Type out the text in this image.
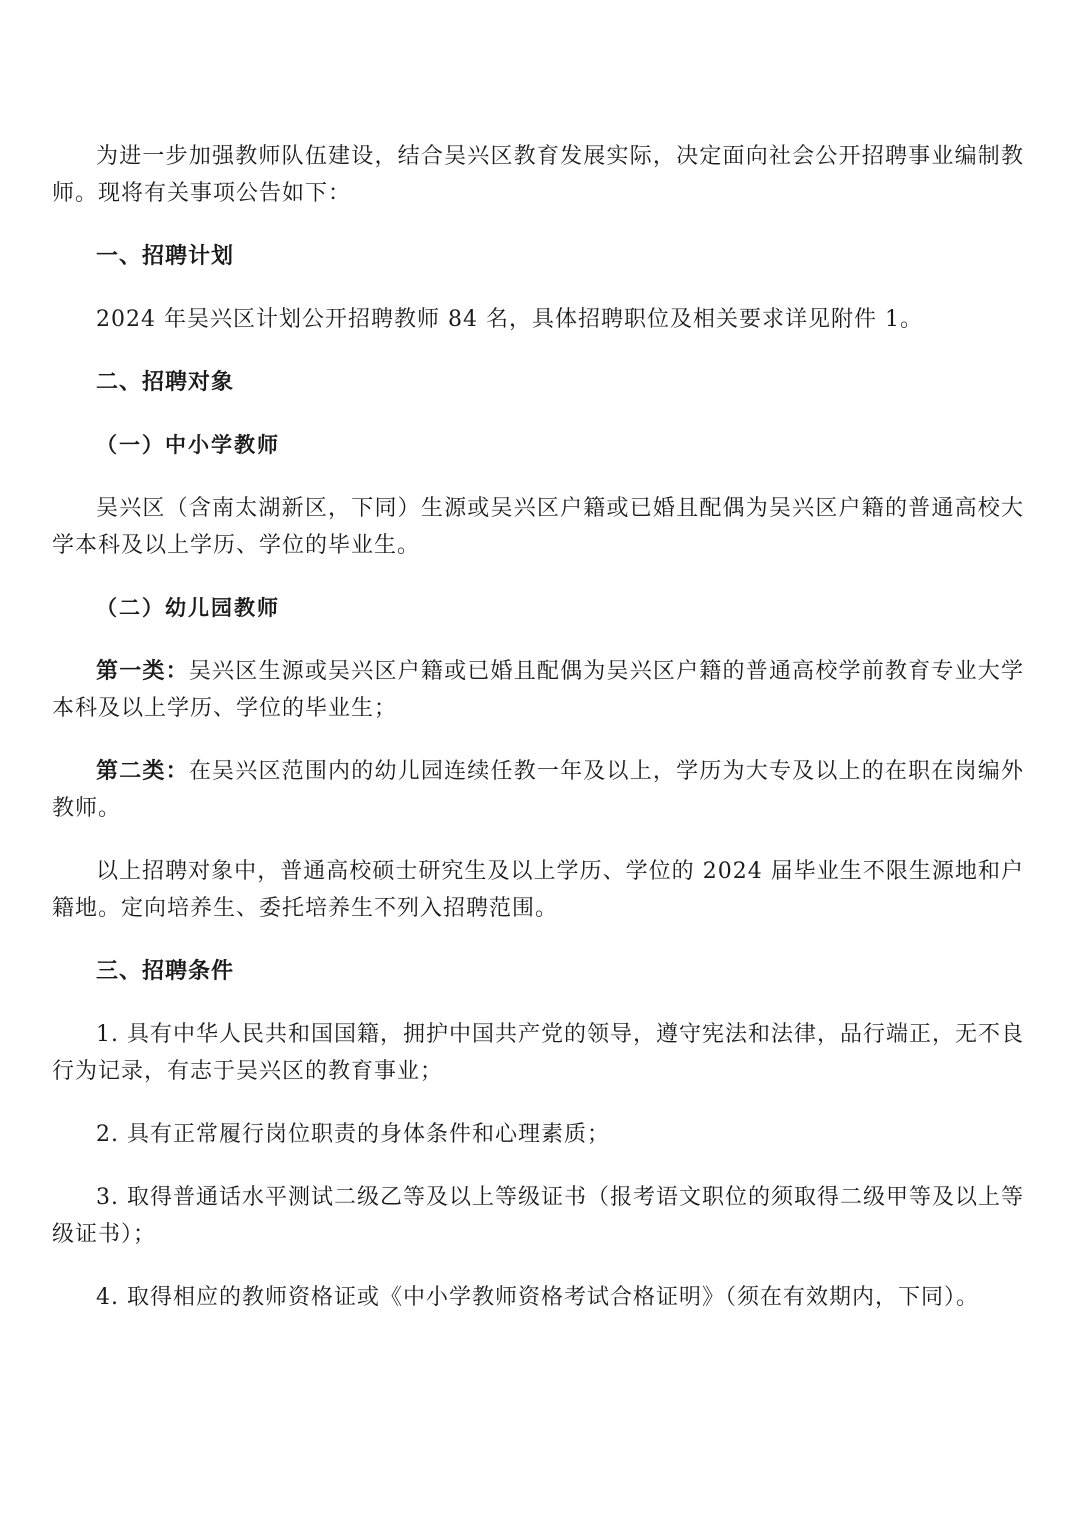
为进一步加强教师队伍建设，结合吴兴区教育发展实际，决定面向社会公开招聘事业编制教师。现将有关事项公告如下：

一、招聘计划

2024 年吴兴区计划公开招聘教师 84 名，具体招聘职位及相关要求详见附件 1。

二、招聘对象

（一）中小学教师

吴兴区（含南太湖新区，下同）生源或吴兴区户籍或已婚且配偶为吴兴区户籍的普通高校大学本科及以上学历、学位的毕业生。

（二）幼儿园教师

第一类：吴兴区生源或吴兴区户籍或已婚且配偶为吴兴区户籍的普通高校学前教育专业大学本科及以上学历、学位的毕业生；

第二类：在吴兴区范围内的幼儿园连续任教一年及以上，学历为大专及以上的在职在岗编外教师。

以上招聘对象中，普通高校硕士研究生及以上学历、学位的 2024 届毕业生不限生源地和户籍地。定向培养生、委托培养生不列入招聘范围。

三、招聘条件

1. 具有中华人民共和国国籍，拥护中国共产党的领导，遵守宪法和法律，品行端正，无不良行为记录，有志于吴兴区的教育事业；

2. 具有正常履行岗位职责的身体条件和心理素质；

3. 取得普通话水平测试二级乙等及以上等级证书（报考语文职位的须取得二级甲等及以上等级证书）；

4. 取得相应的教师资格证或《中小学教师资格考试合格证明》（须在有效期内，下同）。
